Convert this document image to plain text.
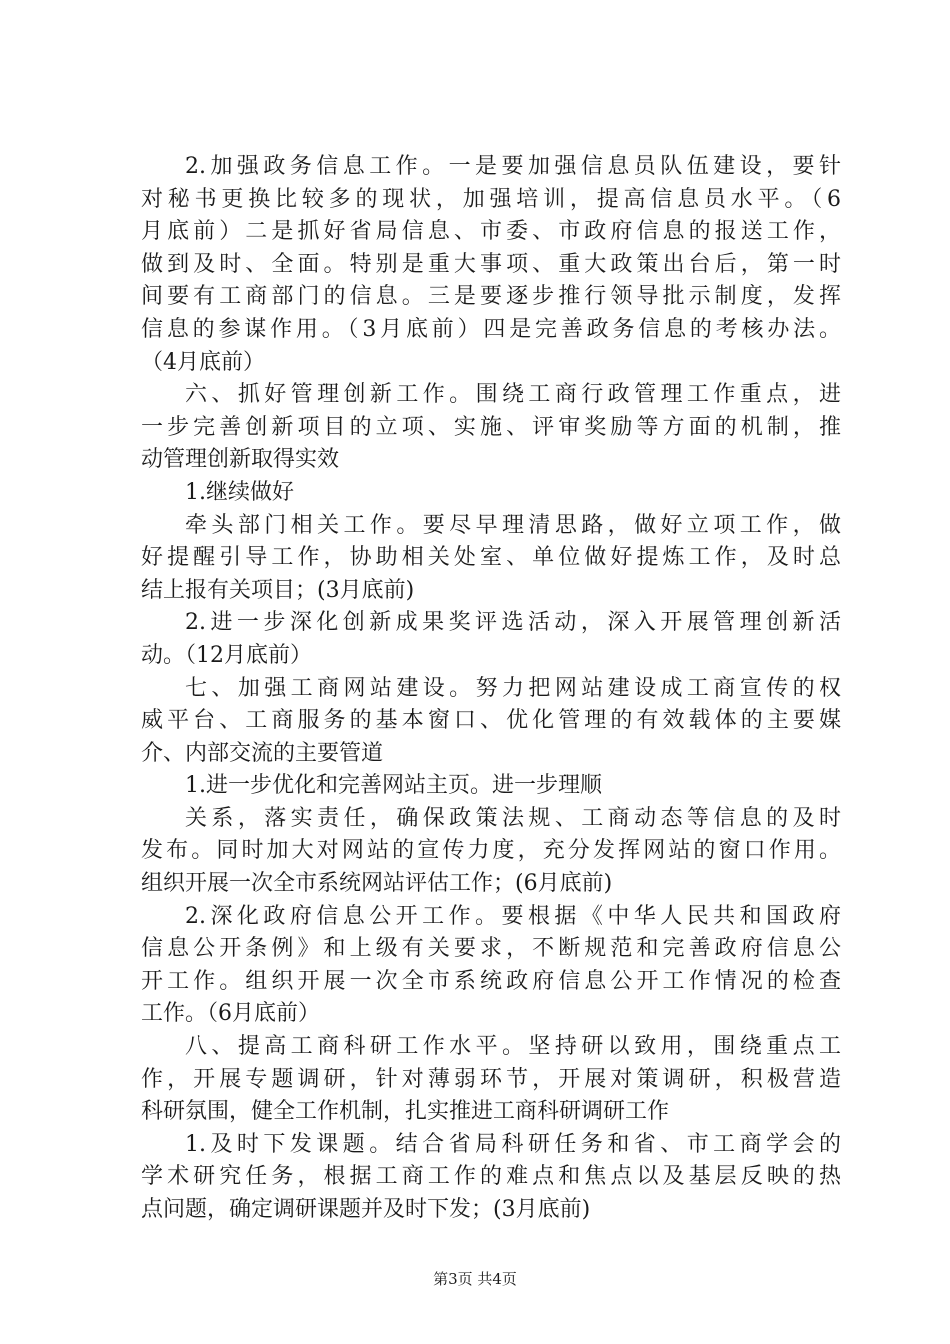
2.加强政务信息工作。一是要加强信息员队伍建设，要针
对秘书更换比较多的现状，加强培训，提高信息员水平。（6
月底前）二是抓好省局信息、市委、市政府信息的报送工作，
做到及时、全面。特别是重大事项、重大政策出台后，第一时
间要有工商部门的信息。三是要逐步推行领导批示制度，发挥
信息的参谋作用。（3月底前）四是完善政务信息的考核办法。
（4月底前）
六、抓好管理创新工作。围绕工商行政管理工作重点，进
一步完善创新项目的立项、实施、评审奖励等方面的机制，推
动管理创新取得实效
1.继续做好
牵头部门相关工作。要尽早理清思路，做好立项工作，做
好提醒引导工作，协助相关处室、单位做好提炼工作，及时总
结上报有关项目；(3月底前)
2.进一步深化创新成果奖评选活动，深入开展管理创新活
动。（12月底前）
七、加强工商网站建设。努力把网站建设成工商宣传的权
威平台、工商服务的基本窗口、优化管理的有效载体的主要媒
介、内部交流的主要管道
1.进一步优化和完善网站主页。进一步理顺
关系，落实责任，确保政策法规、工商动态等信息的及时
发布。同时加大对网站的宣传力度，充分发挥网站的窗口作用。
组织开展一次全市系统网站评估工作；(6月底前)
2.深化政府信息公开工作。要根据《中华人民共和国政府
信息公开条例》和上级有关要求，不断规范和完善政府信息公
开工作。组织开展一次全市系统政府信息公开工作情况的检查
工作。（6月底前）
八、提高工商科研工作水平。坚持研以致用，围绕重点工
作，开展专题调研，针对薄弱环节，开展对策调研，积极营造
科研氛围，健全工作机制，扎实推进工商科研调研工作
1.及时下发课题。结合省局科研任务和省、市工商学会的
学术研究任务，根据工商工作的难点和焦点以及基层反映的热
点问题，确定调研课题并及时下发；(3月底前)
第3页 共4页
